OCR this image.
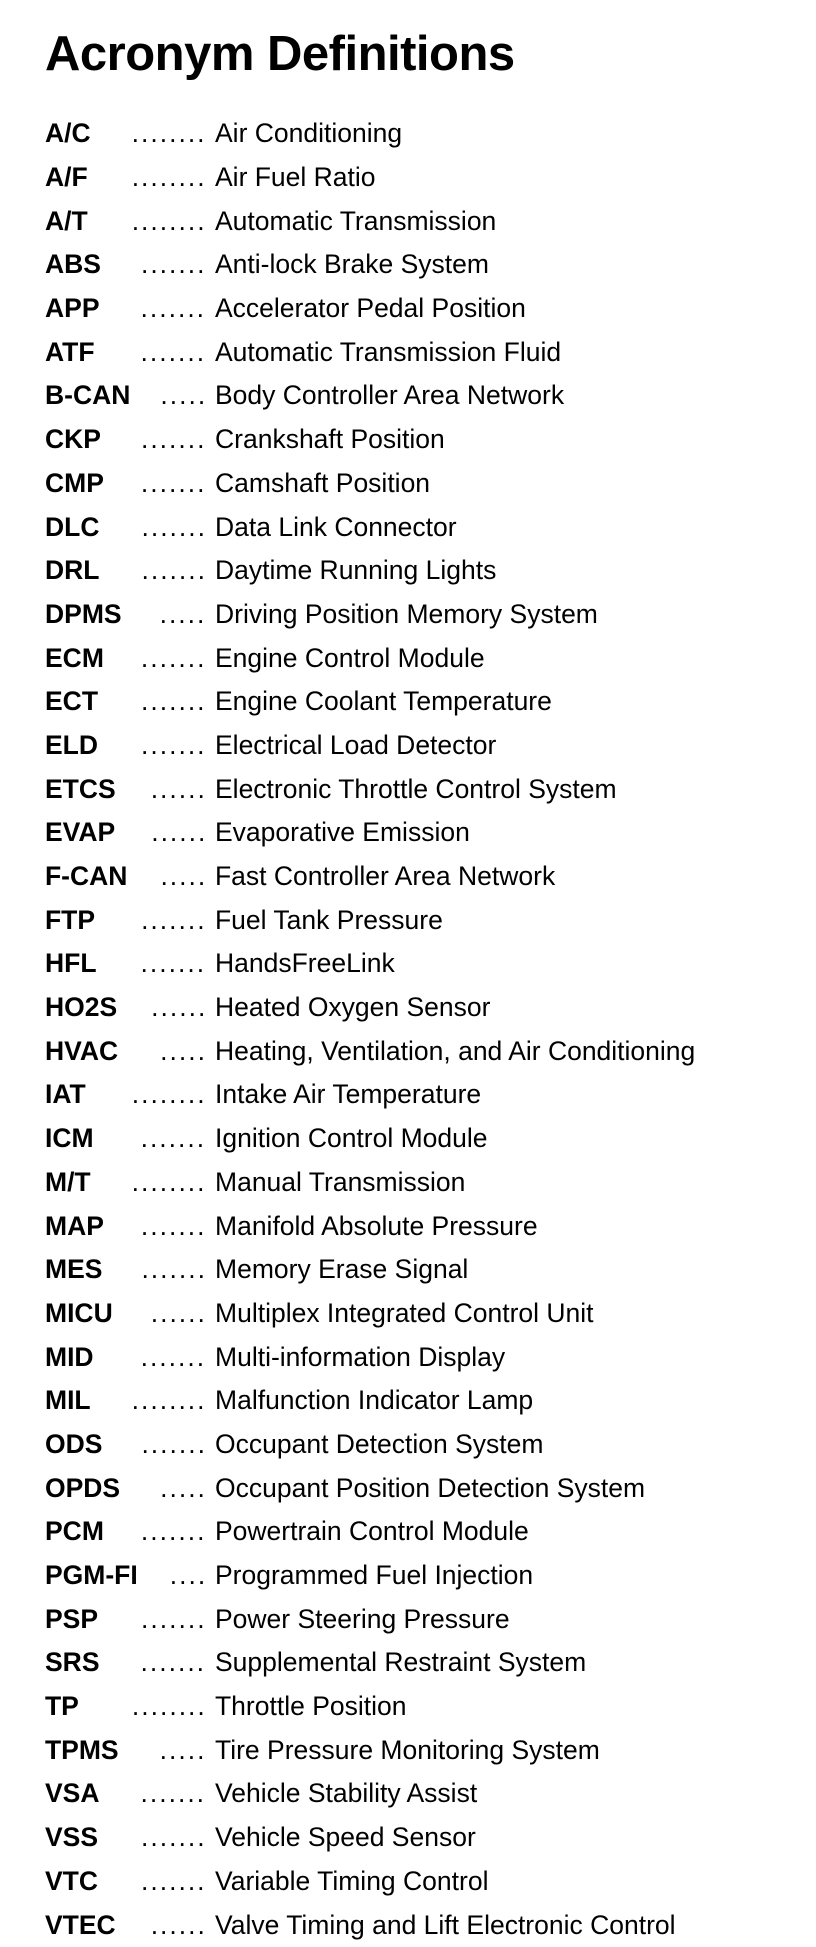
Acronym Definitions
A/C ........ Air Conditioning
A/F ........ Air Fuel Ratio
A/T ........ Automatic Transmission
ABS ....... Anti-lock Brake System
APP ....... Accelerator Pedal Position
ATF ....... Automatic Transmission Fluid
B-CAN ..... Body Controller Area Network
CKP ....... Crankshaft Position
CMP ....... Camshaft Position
DLC ....... Data Link Connector
DRL ....... Daytime Running Lights
DPMS ..... Driving Position Memory System
ECM ....... Engine Control Module
ECT ....... Engine Coolant Temperature
ELD ....... Electrical Load Detector
ETCS ...... Electronic Throttle Control System
EVAP ...... Evaporative Emission
F-CAN ..... Fast Controller Area Network
FTP ....... Fuel Tank Pressure
HFL ....... HandsFreeLink
HO2S ...... Heated Oxygen Sensor
HVAC ..... Heating, Ventilation, and Air Conditioning
IAT ........ Intake Air Temperature
ICM ....... Ignition Control Module
M/T ........ Manual Transmission
MAP ....... Manifold Absolute Pressure
MES ....... Memory Erase Signal
MICU ...... Multiplex Integrated Control Unit
MID ....... Multi-information Display
MIL ........ Malfunction Indicator Lamp
ODS ....... Occupant Detection System
OPDS ..... Occupant Position Detection System
PCM ....... Powertrain Control Module
PGM-FI .... Programmed Fuel Injection
PSP ....... Power Steering Pressure
SRS ....... Supplemental Restraint System
TP ........ Throttle Position
TPMS ..... Tire Pressure Monitoring System
VSA ....... Vehicle Stability Assist
VSS ....... Vehicle Speed Sensor
VTC ....... Variable Timing Control
VTEC ...... Valve Timing and Lift Electronic Control
